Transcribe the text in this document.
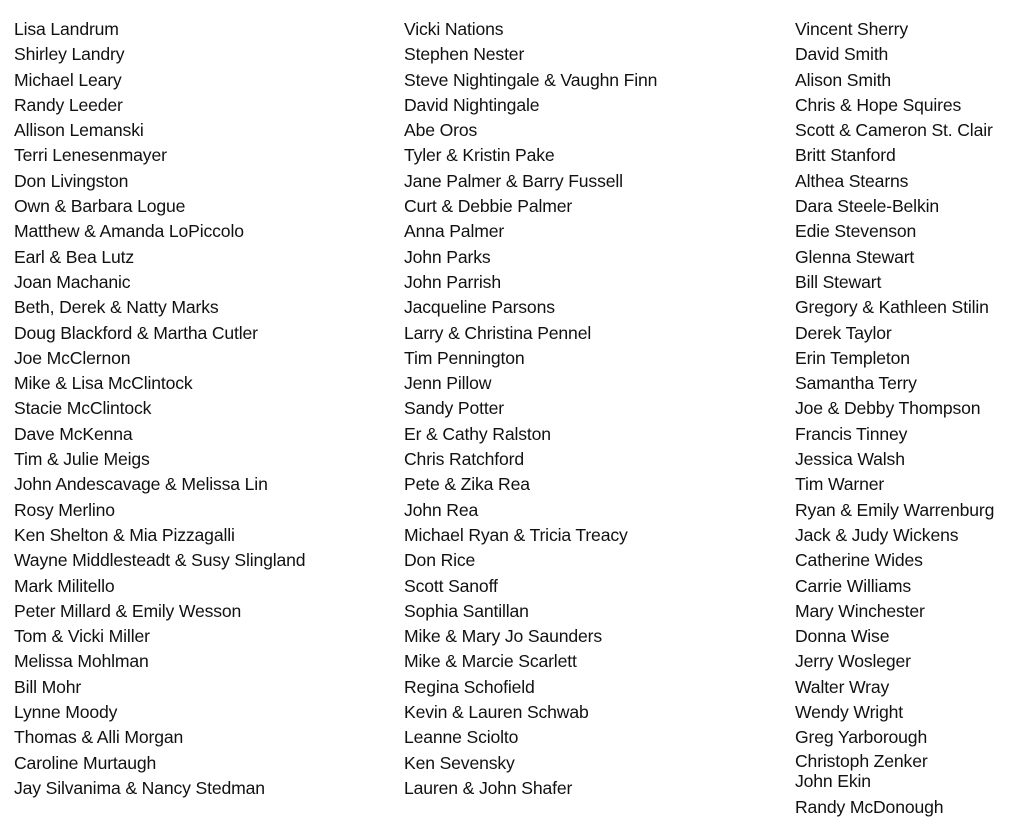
Lisa Landrum
Shirley Landry
Michael Leary
Randy Leeder
Allison Lemanski
Terri Lenesenmayer
Don Livingston
Own & Barbara Logue
Matthew & Amanda LoPiccolo
Earl & Bea Lutz
Joan Machanic
Beth, Derek & Natty Marks
Doug Blackford & Martha Cutler
Joe McClernon
Mike & Lisa McClintock
Stacie McClintock
Dave McKenna
Tim & Julie Meigs
John Andescavage & Melissa Lin
Rosy Merlino
Ken Shelton & Mia Pizzagalli
Wayne Middlesteadt & Susy Slingland
Mark Militello
Peter Millard & Emily Wesson
Tom & Vicki Miller
Melissa Mohlman
Bill Mohr
Lynne Moody
Thomas & Alli Morgan
Caroline Murtaugh
Jay Silvanima & Nancy Stedman
Vicki Nations
Stephen Nester
Steve Nightingale & Vaughn Finn
David Nightingale
Abe Oros
Tyler & Kristin Pake
Jane Palmer & Barry Fussell
Curt & Debbie Palmer
Anna Palmer
John Parks
John Parrish
Jacqueline Parsons
Larry & Christina Pennel
Tim Pennington
Jenn Pillow
Sandy Potter
Er & Cathy Ralston
Chris Ratchford
Pete & Zika Rea
John Rea
Michael Ryan & Tricia Treacy
Don Rice
Scott Sanoff
Sophia Santillan
Mike & Mary Jo Saunders
Mike & Marcie Scarlett
Regina Schofield
Kevin & Lauren Schwab
Leanne Sciolto
Ken Sevensky
Lauren & John Shafer
Vincent Sherry
David Smith
Alison Smith
Chris & Hope Squires
Scott & Cameron St. Clair
Britt Stanford
Althea Stearns
Dara Steele-Belkin
Edie Stevenson
Glenna Stewart
Bill Stewart
Gregory & Kathleen Stilin
Derek Taylor
Erin Templeton
Samantha Terry
Joe & Debby Thompson
Francis Tinney
Jessica Walsh
Tim Warner
Ryan & Emily Warrenburg
Jack & Judy Wickens
Catherine Wides
Carrie Williams
Mary Winchester
Donna Wise
Jerry Wosleger
Walter Wray
Wendy Wright
Greg Yarborough
Christoph Zenker
John Ekin
Randy McDonough
